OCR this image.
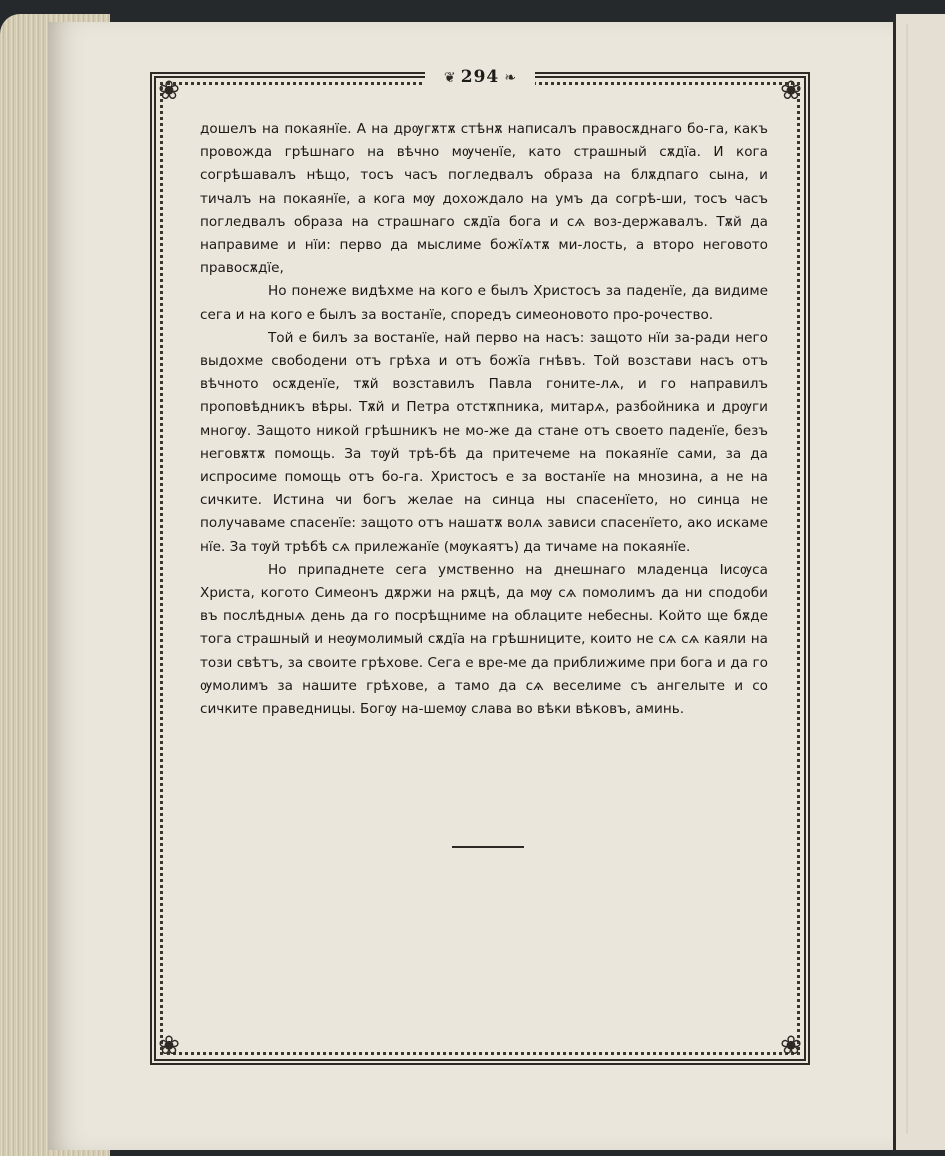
❀	❀
❀	❀
❦ 294 ❧

дошелъ на покаянїе. А на дрѹгѫтѫ стѣнѫ написалъ правосѫднаго бо-га, какъ провожда грѣшнаго на вѣчно мѹченїе, като страшный сѫдїа. И кога согрѣшавалъ нѣщо, тосъ часъ погледвалъ образа на блѫдпаго сына, и тичалъ на покаянїе, а кога мѹ дохождало на умъ да согрѣ-ши, тосъ часъ погледвалъ образа на страшнаго сѫдїа бога и сѧ воз-державалъ. Тѫй да направиме и нїи: перво да мыслиме божїѧтѫ ми-лость, а второ неговото правосѫдїе,

Но понеже видѣхме на кого е былъ Христосъ за паденїе, да видиме сега и на кого е былъ за востанїе, споредъ симеоновото про-рочество.

Той е билъ за востанїе, най перво на насъ: защото нїи за-ради него выдохме свободени отъ грѣха и отъ божїа гнѣвъ. Той возстави насъ отъ вѣчното осѫденїе, тѫй возставилъ Павла гоните-лѧ, и го направилъ проповѣдникъ вѣры. Тѫй и Петра отстѫпника, митарѧ, разбойника и дрѹги многѹ. Защото никой грѣшникъ не мо-же да стане отъ своето паденїе, безъ неговѫтѫ помощь. За тѹй трѣ-бѣ да притечеме на покаянїе сами, за да испросиме помощь отъ бо-га. Христосъ е за востанїе на мнозина, а не на сичките. Истина чи богъ желае на синца ны спасенїето, но синца не получаваме спасенїе: защото отъ нашатѫ волѧ зависи спасенїето, ако искаме нїе. За тѹй трѣбѣ сѧ прилежанїе (мѹкаятъ) да тичаме на покаянїе.

Но припаднете сега умственно на днешнаго младенца Іисѹса Христа, когото Симеонъ дѫржи на рѫцѣ, да мѹ сѧ помолимъ да ни сподоби въ послѣдныѧ день да го посрѣщниме на облаците небесны. Който ще бѫде тога страшный и неѹмолимый сѫдїа на грѣшниците, които не сѧ сѧ каяли на този свѣтъ, за своите грѣхове. Сега е вре-ме да приближиме при бога и да го ѹмолимъ за нашите грѣхове, а тамо да сѧ веселиме съ ангелыте и со сичките праведницы. Богѹ на-шемѹ слава во вѣки вѣковъ, аминь.
